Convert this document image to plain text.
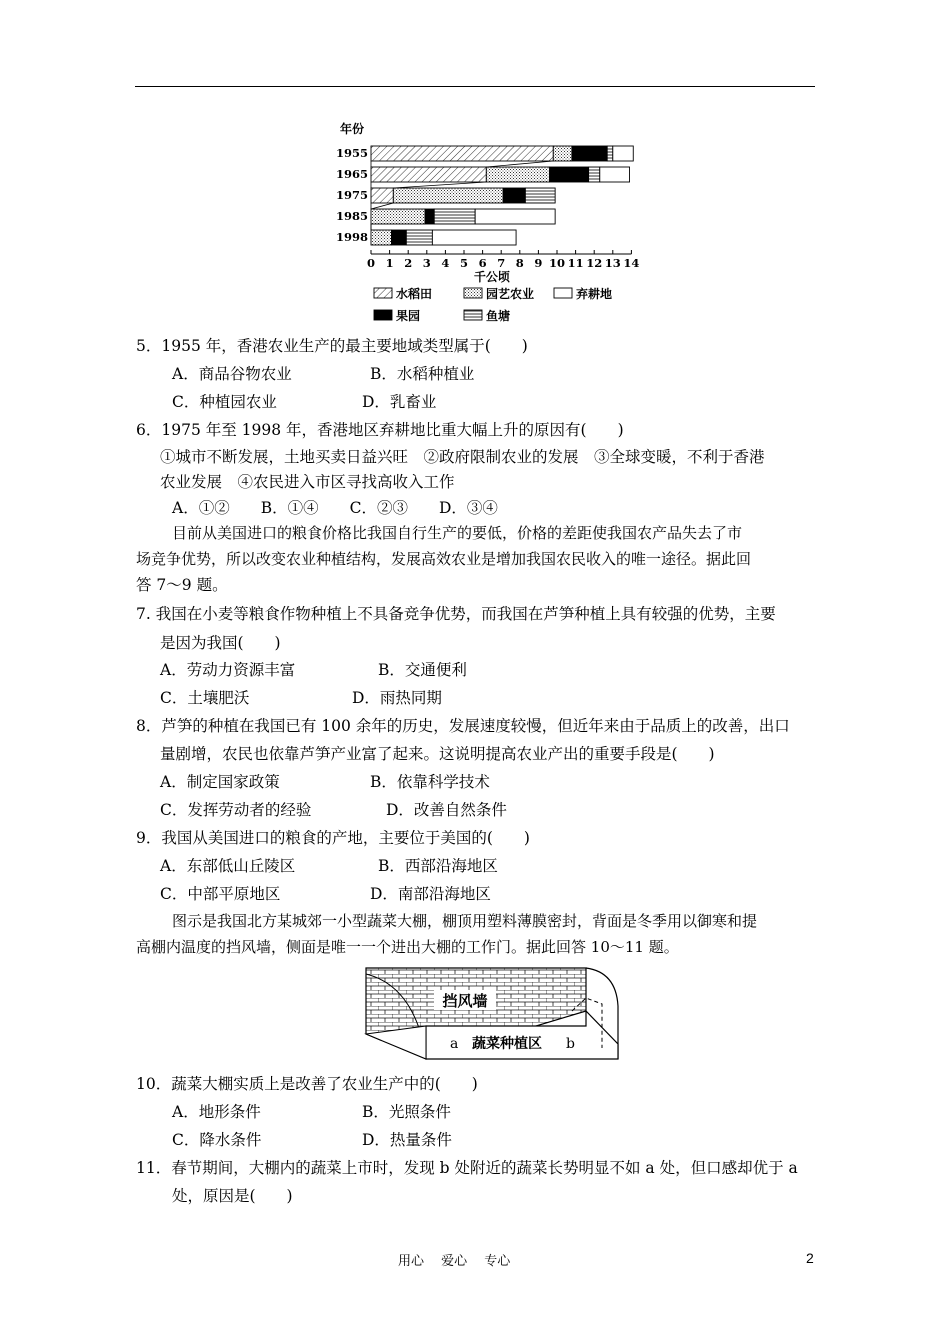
年份
1955
1965
1975
1985
1998
0 1 2 3 4 5 6 7 8 9 10 11 12 13 14
千公顷
水稻田	园艺农业	弃耕地
果园	鱼塘
5．1955 年，香港农业生产的最主要地域类型属于(　　)
A．商品谷物农业	B．水稻种植业
C．种植园农业	D．乳畜业
6．1975 年至 1998 年，香港地区弃耕地比重大幅上升的原因有(　　)
①城市不断发展，土地买卖日益兴旺　②政府限制农业的发展　③全球变暖，不利于香港
农业发展　④农民进入市区寻找高收入工作
A．①②　　B．①④　　C．②③　　D．③④
目前从美国进口的粮食价格比我国自行生产的要低，价格的差距使我国农产品失去了市
场竞争优势，所以改变农业种植结构，发展高效农业是增加我国农民收入的唯一途径。据此回
答 7～9 题。
7. 我国在小麦等粮食作物种植上不具备竞争优势，而我国在芦笋种植上具有较强的优势，主要
是因为我国(　　)
A．劳动力资源丰富	B．交通便利
C．土壤肥沃	D．雨热同期
8．芦笋的种植在我国已有 100 余年的历史，发展速度较慢，但近年来由于品质上的改善，出口
量剧增，农民也依靠芦笋产业富了起来。这说明提高农业产出的重要手段是(　　)
A．制定国家政策	B．依靠科学技术
C．发挥劳动者的经验	D．改善自然条件
9．我国从美国进口的粮食的产地，主要位于美国的(　　)
A．东部低山丘陵区	B．西部沿海地区
C．中部平原地区	D．南部沿海地区
图示是我国北方某城郊一小型蔬菜大棚，棚顶用塑料薄膜密封，背面是冬季用以御寒和提
高棚内温度的挡风墙，侧面是唯一一个进出大棚的工作门。据此回答 10～11 题。
挡风墙
a 蔬菜种植区 b
10．蔬菜大棚实质上是改善了农业生产中的(　　)
A．地形条件	B．光照条件
C．降水条件	D．热量条件
11．春节期间，大棚内的蔬菜上市时，发现 b 处附近的蔬菜长势明显不如 a 处，但口感却优于 a
处，原因是(　　)
用心　 爱心　 专心	2
